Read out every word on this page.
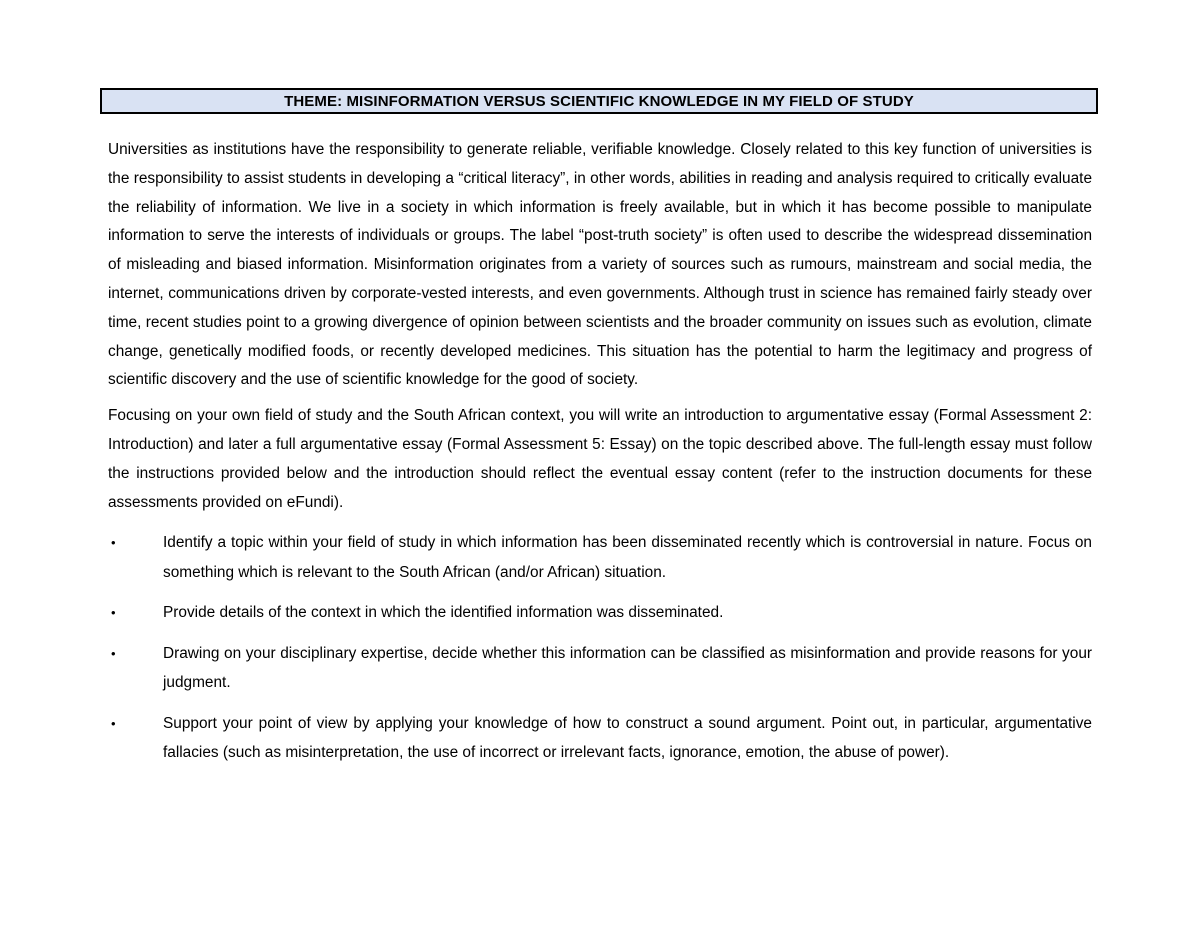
THEME: MISINFORMATION VERSUS SCIENTIFIC KNOWLEDGE IN MY FIELD OF STUDY

Universities as institutions have the responsibility to generate reliable, verifiable knowledge. Closely related to this key function of universities is the responsibility to assist students in developing a “critical literacy”, in other words, abilities in reading and analysis required to critically evaluate the reliability of information. We live in a society in which information is freely available, but in which it has become possible to manipulate information to serve the interests of individuals or groups. The label “post-truth society” is often used to describe the widespread dissemination of misleading and biased information. Misinformation originates from a variety of sources such as rumours, mainstream and social media, the internet, communications driven by corporate-vested interests, and even governments. Although trust in science has remained fairly steady over time, recent studies point to a growing divergence of opinion between scientists and the broader community on issues such as evolution, climate change, genetically modified foods, or recently developed medicines. This situation has the potential to harm the legitimacy and progress of scientific discovery and the use of scientific knowledge for the good of society.

Focusing on your own field of study and the South African context, you will write an introduction to argumentative essay (Formal Assessment 2: Introduction) and later a full argumentative essay (Formal Assessment 5: Essay) on the topic described above. The full-length essay must follow the instructions provided below and the introduction should reflect the eventual essay content (refer to the instruction documents for these assessments provided on eFundi).

•	Identify a topic within your field of study in which information has been disseminated recently which is controversial in nature. Focus on something which is relevant to the South African (and/or African) situation.
•	Provide details of the context in which the identified information was disseminated.
•	Drawing on your disciplinary expertise, decide whether this information can be classified as misinformation and provide reasons for your judgment.
•	Support your point of view by applying your knowledge of how to construct a sound argument. Point out, in particular, argumentative fallacies (such as misinterpretation, the use of incorrect or irrelevant facts, ignorance, emotion, the abuse of power).
